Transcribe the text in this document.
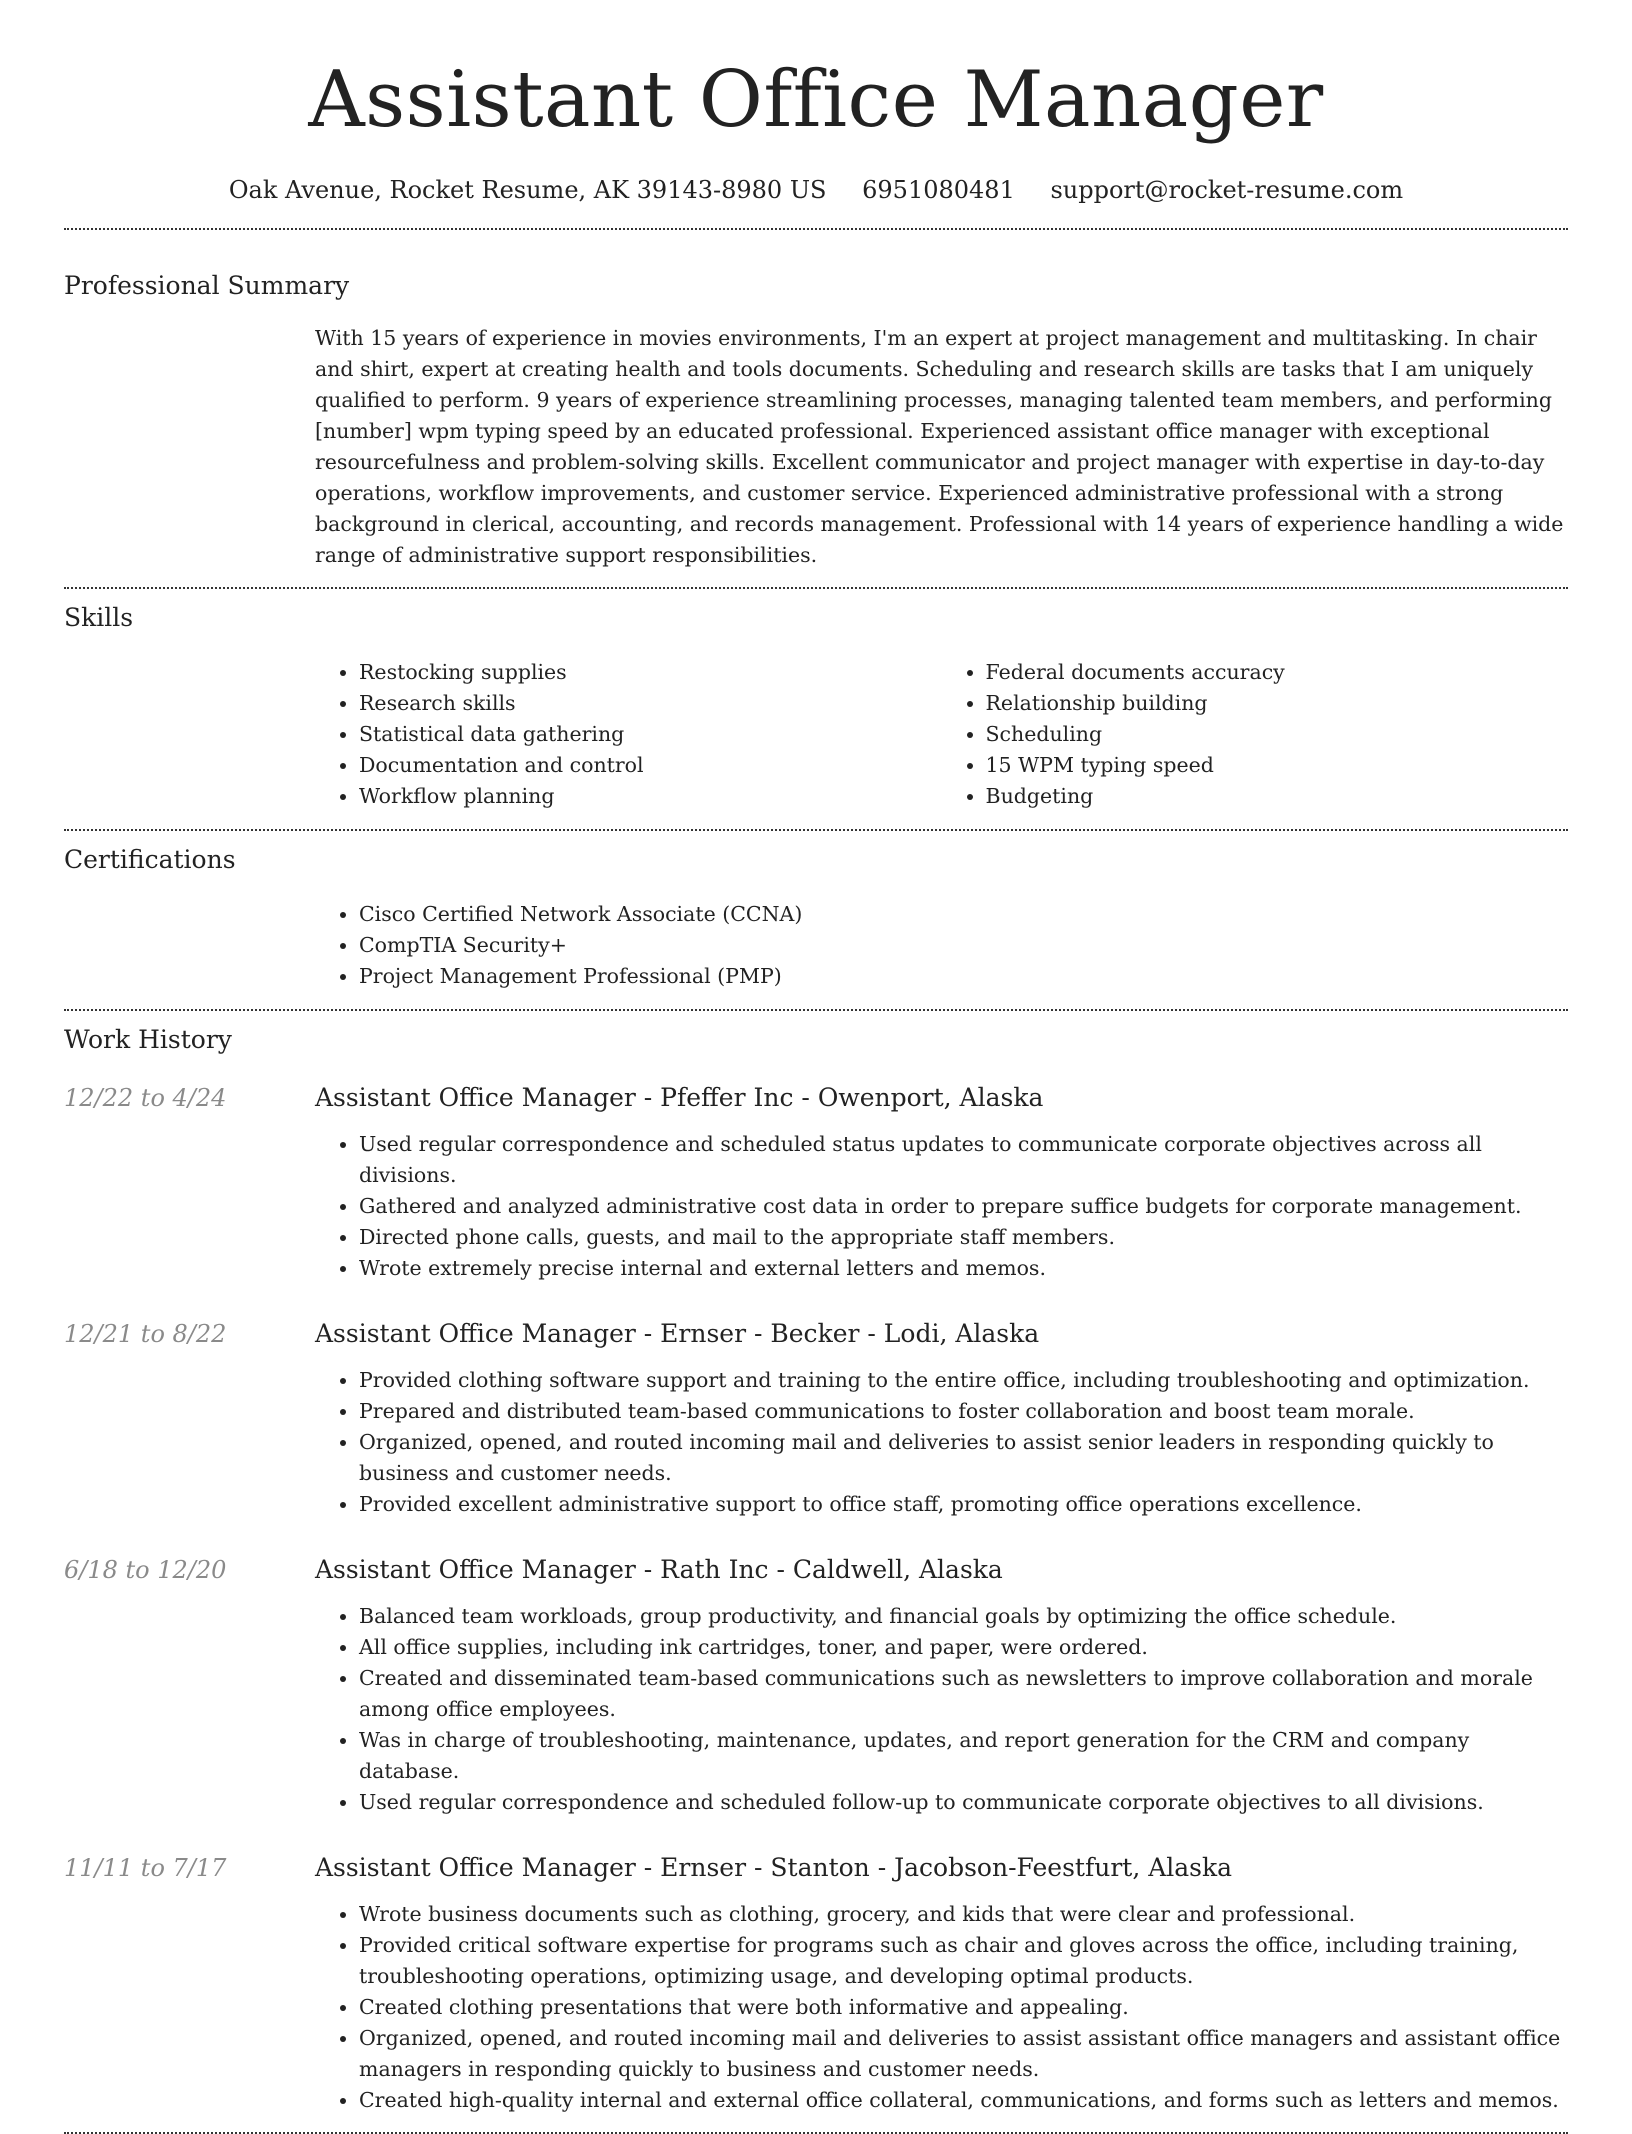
Assistant Office Manager
Oak Avenue, Rocket Resume, AK 39143-8980 US 6951080481 support@rocket-resume.com
Professional Summary

With 15 years of experience in movies environments, I'm an expert at project management and multitasking. In chair and shirt, expert at creating health and tools documents. Scheduling and research skills are tasks that I am uniquely qualified to perform. 9 years of experience streamlining processes, managing talented team members, and performing [number] wpm typing speed by an educated professional. Experienced assistant office manager with exceptional resourcefulness and problem-solving skills. Excellent communicator and project manager with expertise in day-to-day operations, workflow improvements, and customer service. Experienced administrative professional with a strong background in clerical, accounting, and records management. Professional with 14 years of experience handling a wide range of administrative support responsibilities.

Skills
• Restocking supplies
• Research skills
• Statistical data gathering
• Documentation and control
• Workflow planning
• Federal documents accuracy
• Relationship building
• Scheduling
• 15 WPM typing speed
• Budgeting
Certifications
• Cisco Certified Network Associate (CCNA)
• CompTIA Security+
• Project Management Professional (PMP)
Work History
12/22 to 4/24	Assistant Office Manager - Pfeffer Inc - Owenport, Alaska
• Used regular correspondence and scheduled status updates to communicate corporate objectives across all divisions.
• Gathered and analyzed administrative cost data in order to prepare suffice budgets for corporate management.
• Directed phone calls, guests, and mail to the appropriate staff members.
• Wrote extremely precise internal and external letters and memos.
12/21 to 8/22	Assistant Office Manager - Ernser - Becker - Lodi, Alaska
• Provided clothing software support and training to the entire office, including troubleshooting and optimization.
• Prepared and distributed team-based communications to foster collaboration and boost team morale.
• Organized, opened, and routed incoming mail and deliveries to assist senior leaders in responding quickly to business and customer needs.
• Provided excellent administrative support to office staff, promoting office operations excellence.
6/18 to 12/20	Assistant Office Manager - Rath Inc - Caldwell, Alaska
• Balanced team workloads, group productivity, and financial goals by optimizing the office schedule.
• All office supplies, including ink cartridges, toner, and paper, were ordered.
• Created and disseminated team-based communications such as newsletters to improve collaboration and morale among office employees.
• Was in charge of troubleshooting, maintenance, updates, and report generation for the CRM and company database.
• Used regular correspondence and scheduled follow-up to communicate corporate objectives to all divisions.
11/11 to 7/17	Assistant Office Manager - Ernser - Stanton - Jacobson-Feestfurt, Alaska
• Wrote business documents such as clothing, grocery, and kids that were clear and professional.
• Provided critical software expertise for programs such as chair and gloves across the office, including training, troubleshooting operations, optimizing usage, and developing optimal products.
• Created clothing presentations that were both informative and appealing.
• Organized, opened, and routed incoming mail and deliveries to assist assistant office managers and assistant office managers in responding quickly to business and customer needs.
• Created high-quality internal and external office collateral, communications, and forms such as letters and memos.
